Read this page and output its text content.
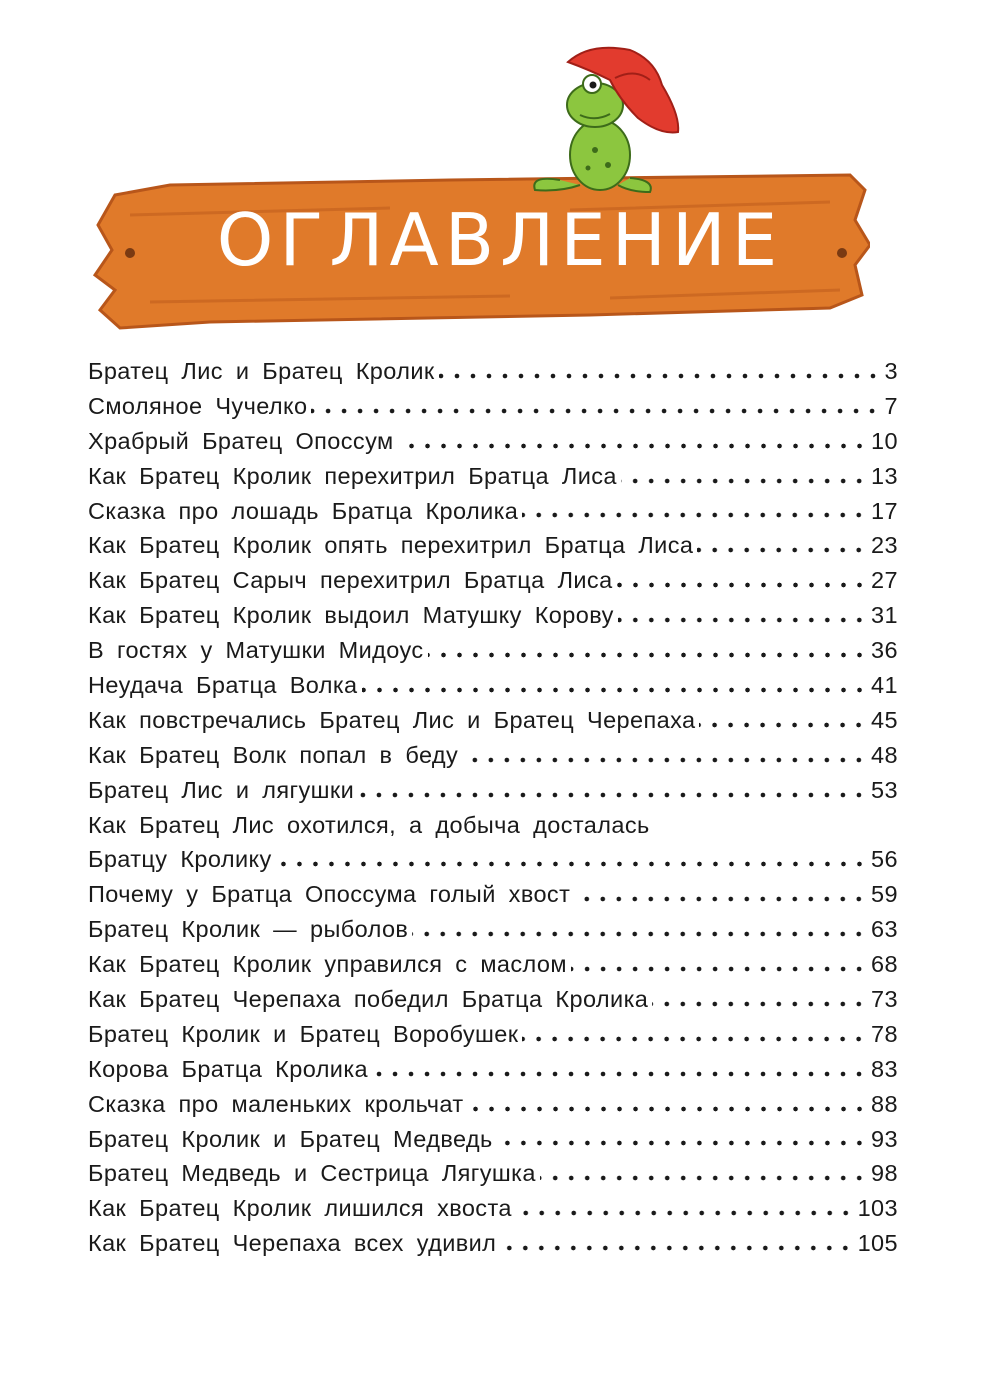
ОГЛАВЛЕНИЕ
Братец Лис и Братец Кролик	3
Смоляное Чучелко	7
Храбрый Братец Опоссум	10
Как Братец Кролик перехитрил Братца Лиса	13
Сказка про лошадь Братца Кролика	17
Как Братец Кролик опять перехитрил Братца Лиса	23
Как Братец Сарыч перехитрил Братца Лиса	27
Как Братец Кролик выдоил Матушку Корову	31
В гостях у Матушки Мидоус	36
Неудача Братца Волка	41
Как повстречались Братец Лис и Братец Черепаха	45
Как Братец Волк попал в беду	48
Братец Лис и лягушки	53
Как Братец Лис охотился, а добыча досталась
Братцу Кролику	56
Почему у Братца Опоссума голый хвост	59
Братец Кролик — рыболов	63
Как Братец Кролик управился с маслом	68
Как Братец Черепаха победил Братца Кролика	73
Братец Кролик и Братец Воробушек	78
Корова Братца Кролика	83
Сказка про маленьких крольчат	88
Братец Кролик и Братец Медведь	93
Братец Медведь и Сестрица Лягушка	98
Как Братец Кролик лишился хвоста	103
Как Братец Черепаха всех удивил	105
